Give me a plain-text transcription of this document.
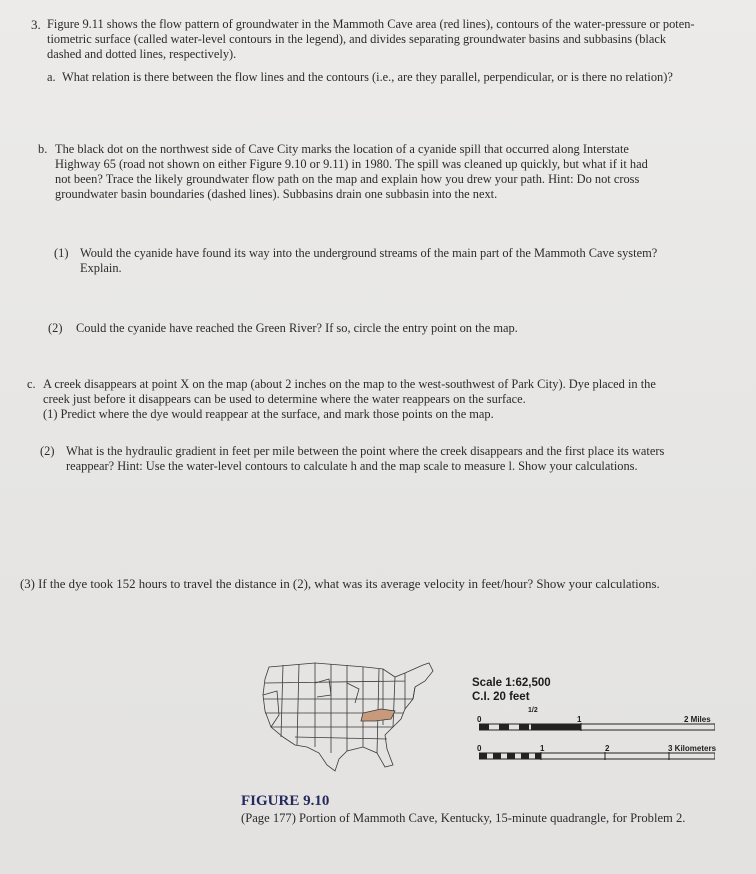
3. Figure 9.11 shows the flow pattern of groundwater in the Mammoth Cave area (red lines), contours of the water-pressure or poten-
tiometric surface (called water-level contours in the legend), and divides separating groundwater basins and subbasins (black
dashed and dotted lines, respectively).
a. What relation is there between the flow lines and the contours (i.e., are they parallel, perpendicular, or is there no relation)?
b. The black dot on the northwest side of Cave City marks the location of a cyanide spill that occurred along Interstate
Highway 65 (road not shown on either Figure 9.10 or 9.11) in 1980. The spill was cleaned up quickly, but what if it had
not been? Trace the likely groundwater flow path on the map and explain how you drew your path. Hint: Do not cross
groundwater basin boundaries (dashed lines). Subbasins drain one subbasin into the next.
(1) Would the cyanide have found its way into the underground streams of the main part of the Mammoth Cave system?
Explain.
(2) Could the cyanide have reached the Green River? If so, circle the entry point on the map.
c. A creek disappears at point X on the map (about 2 inches on the map to the west-southwest of Park City). Dye placed in the
creek just before it disappears can be used to determine where the water reappears on the surface.
(1) Predict where the dye would reappear at the surface, and mark those points on the map.
(2) What is the hydraulic gradient in feet per mile between the point where the creek disappears and the first place its waters
reappear? Hint: Use the water-level contours to calculate h and the map scale to measure l. Show your calculations.
(3) If the dye took 152 hours to travel the distance in (2), what was its average velocity in feet/hour? Show your calculations.
Scale 1:62,500
C.I. 20 feet
0
1/2
1	2 Miles
0	1	2	3 Kilometers
FIGURE 9.10
(Page 177) Portion of Mammoth Cave, Kentucky, 15-minute quadrangle, for Problem 2.
